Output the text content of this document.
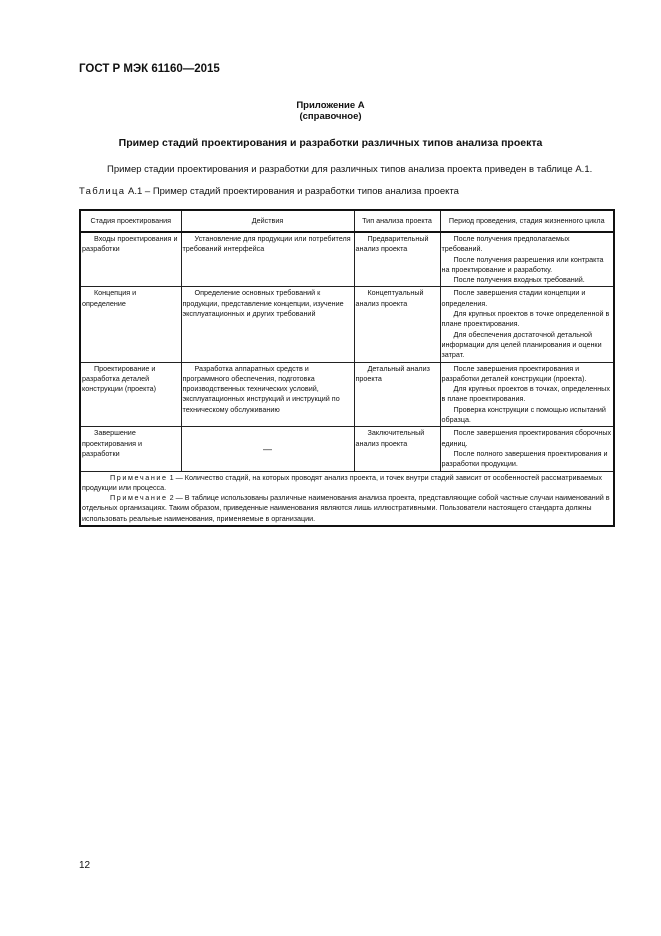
ГОСТ Р МЭК 61160—2015
Приложение А
(справочное)
Пример стадий проектирования и разработки различных типов анализа проекта
Пример стадии проектирования и разработки для различных типов анализа проекта приведен в таблице А.1.
Таблица А.1 – Пример стадий проектирования и разработки типов анализа проекта
Стадия проектирования	Действия	Тип анализа проекта	Период проведения, стадия жизненного цикла
Входы проектирования и разработки	Установление для продукции или потребителя требований интерфейса	Предварительный анализ проекта	После получения предполагаемых требований.

После получения разрешения или контракта на проектирование и разработку.

После получения входных требований.

Концепция и определение	Определение основных требований к продукции, представление концепции, изучение эксплуатационных и других требований	Концептуальный анализ проекта	После завершения стадии концепции и определения.

Для крупных проектов в точке определенной в плане проектирования.

Для обеспечения достаточной детальной информации для целей планирования и оценки затрат.

Проектирование и разработка деталей конструкции (проекта)	Разработка аппаратных средств и программного обеспечения, подготовка производственных технических условий, эксплуатационных инструкций и инструкций по техническому обслуживанию	Детальный анализ проекта	После завершения проектирования и разработки деталей конструкции (проекта).

Для крупных проектов в точках, определенных в плане проектирования.

Проверка конструкции с помощью испытаний образца.

Завершение проектирования и разработки	—	Заключительный анализ проекта	После завершения проектирования сборочных единиц.

После полного завершения проектирования и разработки продукции.

Примечание 1 — Количество стадий, на которых проводят анализ проекта, и точек внутри стадий зависит от особенностей рассматриваемых продукции или процесса.

Примечание 2 — В таблице использованы различные наименования анализа проекта, представляющие собой частные случаи наименований в отдельных организациях. Таким образом, приведенные наименования являются лишь иллюстративными. Пользователи настоящего стандарта должны использовать реальные наименования, применяемые в организации.			

12
